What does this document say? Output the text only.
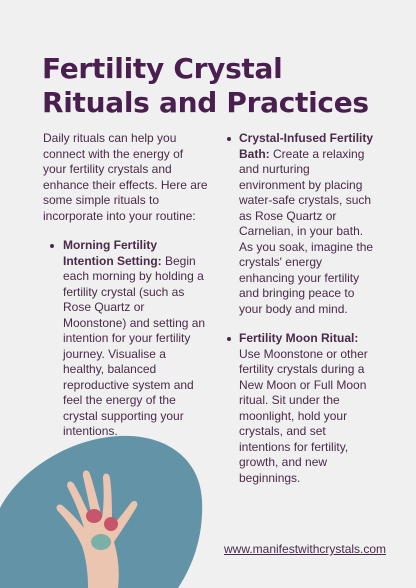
Fertility Crystal Rituals and Practices

Daily rituals can help you connect with the energy of your fertility crystals and enhance their effects. Here are some simple rituals to incorporate into your routine:

Morning Fertility Intention Setting: Begin each morning by holding a fertility crystal (such as Rose Quartz or Moonstone) and setting an intention for your fertility journey. Visualise a healthy, balanced reproductive system and feel the energy of the crystal supporting your intentions.
Crystal-Infused Fertility Bath: Create a relaxing and nurturing environment by placing water-safe crystals, such as Rose Quartz or Carnelian, in your bath. As you soak, imagine the crystals' energy enhancing your fertility and bringing peace to your body and mind.
Fertility Moon Ritual: Use Moonstone or other fertility crystals during a New Moon or Full Moon ritual. Sit under the moonlight, hold your crystals, and set intentions for fertility, growth, and new beginnings.
www.manifestwithcrystals.com
